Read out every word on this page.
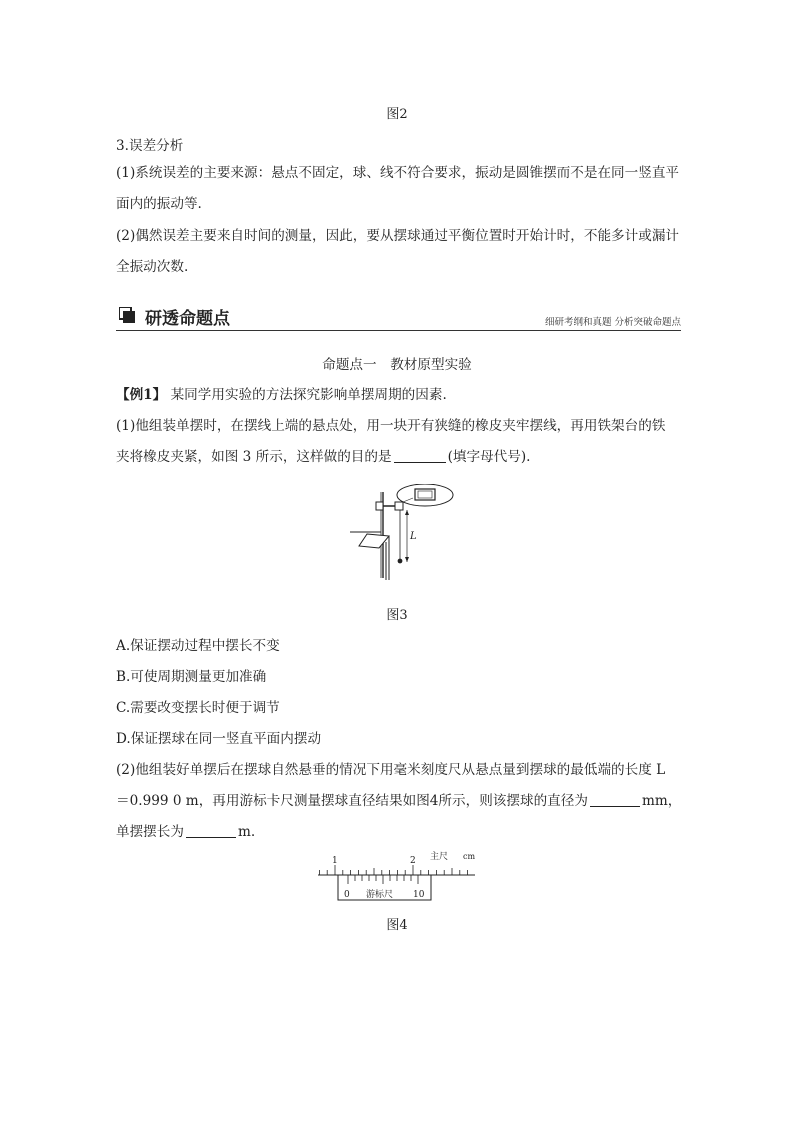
图2
3.误差分析
(1)系统误差的主要来源：悬点不固定，球、线不符合要求，振动是圆锥摆而不是在同一竖直平面内的振动等.
(2)偶然误差主要来自时间的测量，因此，要从摆球通过平衡位置时开始计时，不能多计或漏计全振动次数.
研透命题点	细研考纲和真题 分析突破命题点
命题点一　教材原型实验
【例1】 某同学用实验的方法探究影响单摆周期的因素.
(1)他组装单摆时，在摆线上端的悬点处，用一块开有狭缝的橡皮夹牢摆线，再用铁架台的铁
夹将橡皮夹紧，如图 3 所示，这样做的目的是	(填字母代号).
L
图3
A.保证摆动过程中摆长不变
B.可使周期测量更加准确
C.需要改变摆长时便于调节
D.保证摆球在同一竖直平面内摆动
(2)他组装好单摆后在摆球自然悬垂的情况下用毫米刻度尺从悬点量到摆球的最低端的长度 L
＝0.999 0 m，再用游标卡尺测量摆球直径结果如图4所示，则该摆球的直径为	mm，
单摆摆长为	m.
1	2 主尺 cm
0 游标尺 10
图4
